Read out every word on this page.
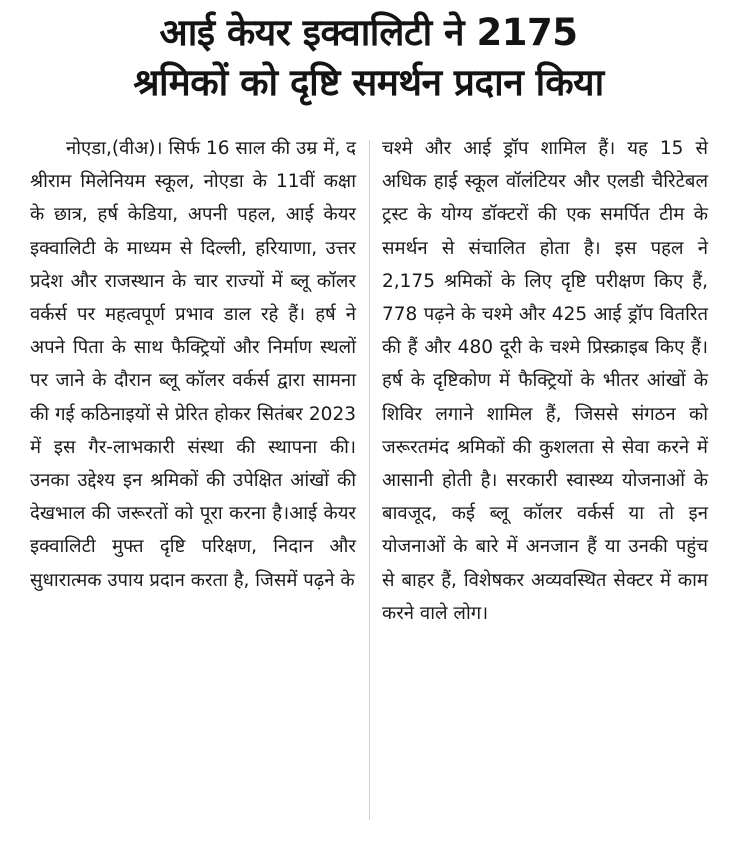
आई केयर इक्वालिटी ने 2175
श्रमिकों को दृष्टि समर्थन प्रदान किया

नोएडा,(वीअ)। सिर्फ 16 साल की उम्र में, द श्रीराम मिलेनियम स्कूल, नोएडा के 11वीं कक्षा के छात्र, हर्ष केडिया, अपनी पहल, आई केयर इक्वालिटी के माध्यम से दिल्ली, हरियाणा, उत्तर प्रदेश और राजस्थान के चार राज्यों में ब्लू कॉलर वर्कर्स पर महत्वपूर्ण प्रभाव डाल रहे हैं। हर्ष ने अपने पिता के साथ फैक्ट्रियों और निर्माण स्थलों पर जाने के दौरान ब्लू कॉलर वर्कर्स द्वारा सामना की गई कठिनाइयों से प्रेरित होकर सितंबर 2023 में इस गैर-लाभकारी संस्था की स्थापना की। उनका उद्देश्य इन श्रमिकों की उपेक्षित आंखों की देखभाल की जरूरतों को पूरा करना है।आई केयर इक्वालिटी मुफ्त दृष्टि परिक्षण, निदान और सुधारात्मक उपाय प्रदान करता है, जिसमें पढ़ने के

चश्मे और आई ड्रॉप शामिल हैं। यह 15 से अधिक हाई स्कूल वॉलंटियर और एलडी चैरिटेबल ट्रस्ट के योग्य डॉक्टरों की एक समर्पित टीम के समर्थन से संचालित होता है। इस पहल ने 2,175 श्रमिकों के लिए दृष्टि परीक्षण किए हैं, 778 पढ़ने के चश्मे और 425 आई ड्रॉप वितरित की हैं और 480 दूरी के चश्मे प्रिस्क्राइब किए हैं।हर्ष के दृष्टिकोण में फैक्ट्रियों के भीतर आंखों के शिविर लगाने शामिल हैं, जिससे संगठन को जरूरतमंद श्रमिकों की कुशलता से सेवा करने में आसानी होती है। सरकारी स्वास्थ्य योजनाओं के बावजूद, कई ब्लू कॉलर वर्कर्स या तो इन योजनाओं के बारे में अनजान हैं या उनकी पहुंच से बाहर हैं, विशेषकर अव्यवस्थित सेक्टर में काम करने वाले लोग।
